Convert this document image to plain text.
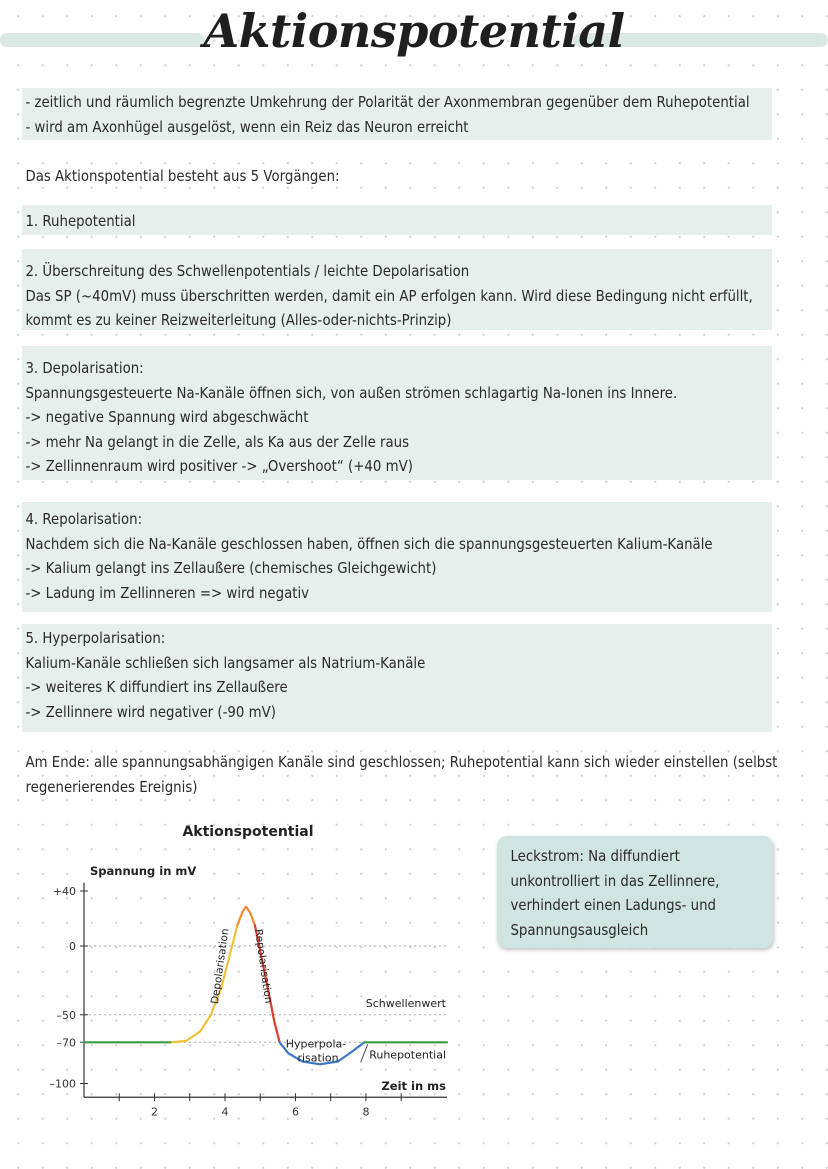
Aktionspotential

- zeitlich und räumlich begrenzte Umkehrung der Polarität der Axonmembran gegenüber dem Ruhepotential

- wird am Axonhügel ausgelöst, wenn ein Reiz das Neuron erreicht

Das Aktionspotential besteht aus 5 Vorgängen:

1. Ruhepotential

2. Überschreitung des Schwellenpotentials / leichte Depolarisation

Das SP (~40mV) muss überschritten werden, damit ein AP erfolgen kann. Wird diese Bedingung nicht erfüllt,

kommt es zu keiner Reizweiterleitung (Alles-oder-nichts-Prinzip)

3. Depolarisation:

Spannungsgesteuerte Na-Kanäle öffnen sich, von außen strömen schlagartig Na-Ionen ins Innere.

-> negative Spannung wird abgeschwächt

-> mehr Na gelangt in die Zelle, als Ka aus der Zelle raus

-> Zellinnenraum wird positiver -> „Overshoot“ (+40 mV)

4. Repolarisation:

Nachdem sich die Na-Kanäle geschlossen haben, öffnen sich die spannungsgesteuerten Kalium-Kanäle

-> Kalium gelangt ins Zellaußere (chemisches Gleichgewicht)

-> Ladung im Zellinneren => wird negativ

5. Hyperpolarisation:

Kalium-Kanäle schließen sich langsamer als Natrium-Kanäle

-> weiteres K diffundiert ins Zellaußere

-> Zellinnere wird negativer (-90 mV)

Am Ende: alle spannungsabhängigen Kanäle sind geschlossen; Ruhepotential kann sich wieder einstellen (selbst

regenerierendes Ereignis)

Aktionspotential
Spannung in mV
Zeit in ms
+40
0
–50
–70
–100
2	4	6	8
Schwellenwert
Ruhepotential
Hyperpola-
risation
Depolarisation Repolarisation

Leckstrom: Na diffundiert

unkontrolliert in das Zellinnere,

verhindert einen Ladungs- und

Spannungsausgleich
